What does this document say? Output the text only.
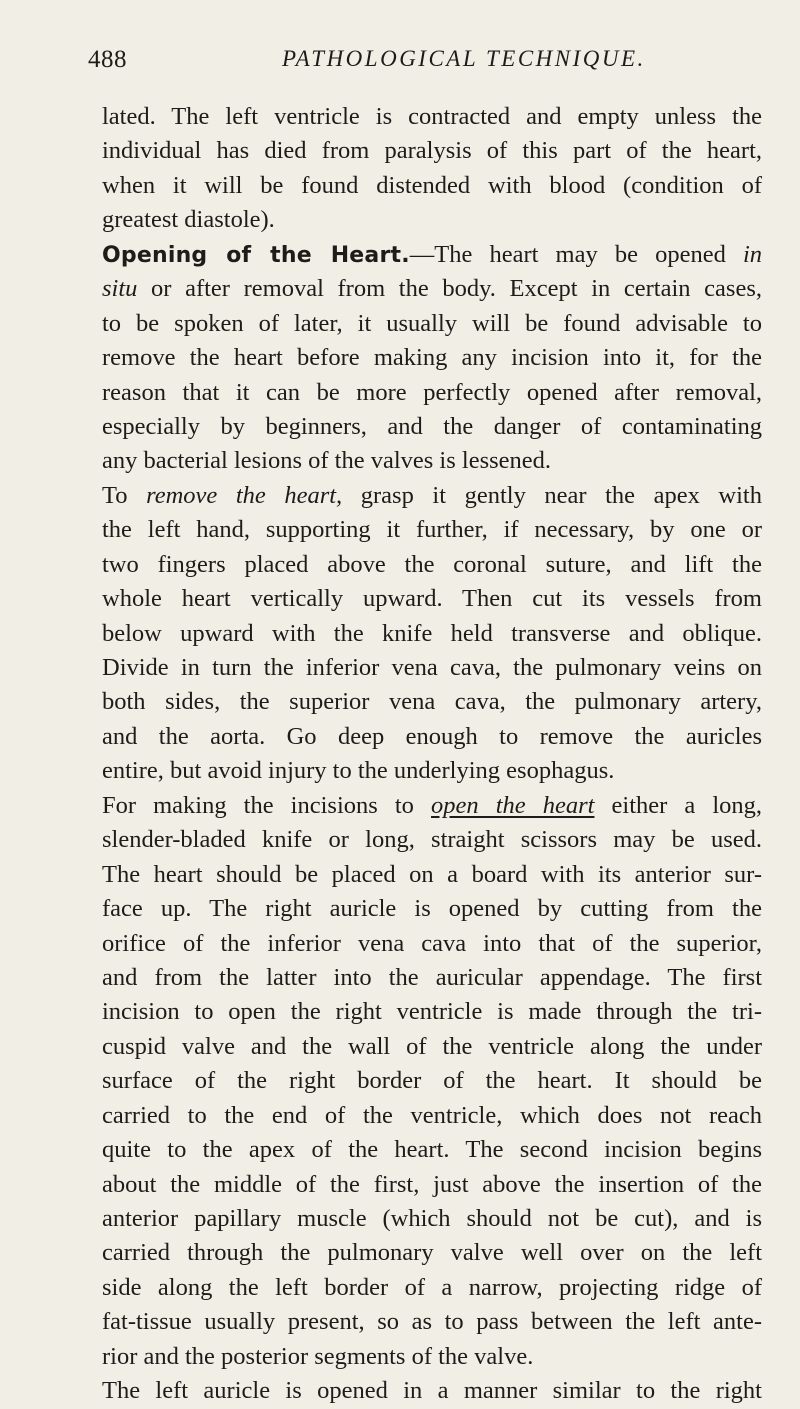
488	PATHOLOGICAL TECHNIQUE.
lated. The left ventricle is contracted and empty unless the
individual has died from paralysis of this part of the heart,
when it will be found distended with blood (condition of
greatest diastole).
Opening of the Heart.—The heart may be opened in
situ or after removal from the body. Except in certain cases,
to be spoken of later, it usually will be found advisable to
remove the heart before making any incision into it, for the
reason that it can be more perfectly opened after removal,
especially by beginners, and the danger of contaminating
any bacterial lesions of the valves is lessened.
To remove the heart, grasp it gently near the apex with
the left hand, supporting it further, if necessary, by one or
two fingers placed above the coronal suture, and lift the
whole heart vertically upward. Then cut its vessels from
below upward with the knife held transverse and oblique.
Divide in turn the inferior vena cava, the pulmonary veins on
both sides, the superior vena cava, the pulmonary artery,
and the aorta. Go deep enough to remove the auricles
entire, but avoid injury to the underlying esophagus.
For making the incisions to open the heart either a long,
slender-bladed knife or long, straight scissors may be used.
The heart should be placed on a board with its anterior sur-
face up. The right auricle is opened by cutting from the
orifice of the inferior vena cava into that of the superior,
and from the latter into the auricular appendage. The first
incision to open the right ventricle is made through the tri-
cuspid valve and the wall of the ventricle along the under
surface of the right border of the heart. It should be
carried to the end of the ventricle, which does not reach
quite to the apex of the heart. The second incision begins
about the middle of the first, just above the insertion of the
anterior papillary muscle (which should not be cut), and is
carried through the pulmonary valve well over on the left
side along the left border of a narrow, projecting ridge of
fat-tissue usually present, so as to pass between the left ante-
rior and the posterior segments of the valve.
The left auricle is opened in a manner similar to the right
